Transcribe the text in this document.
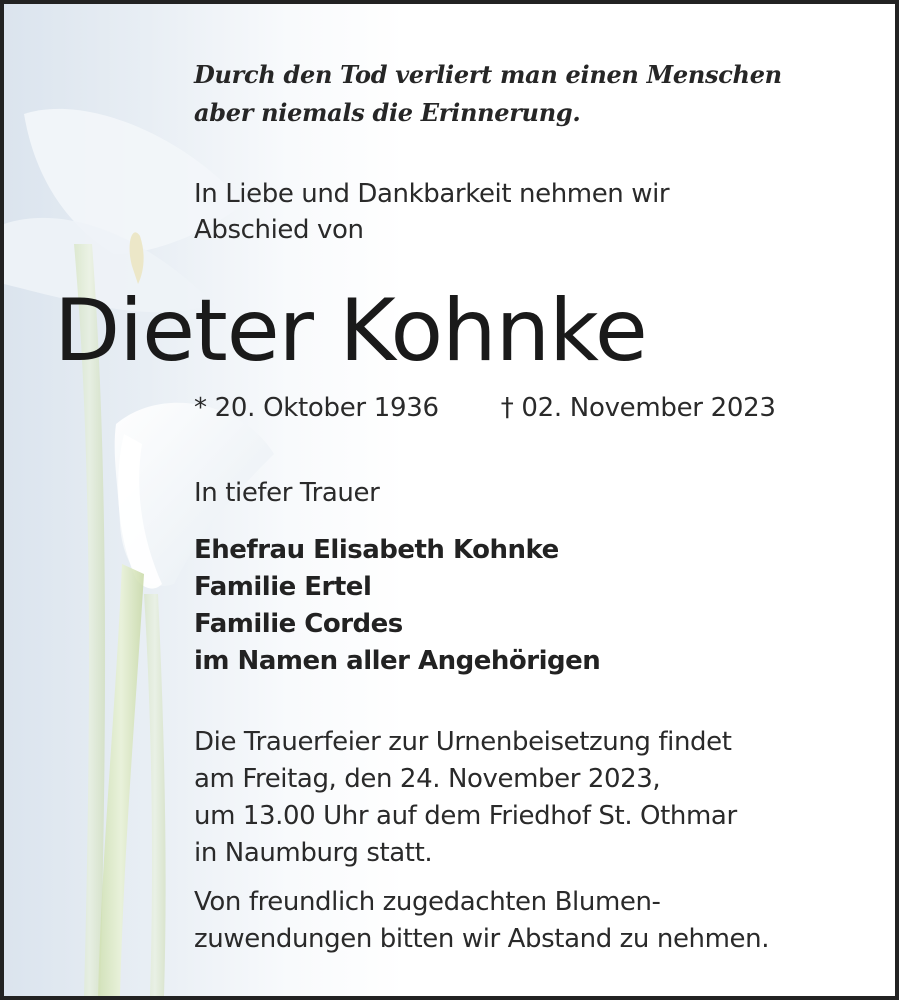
Durch den Tod verliert man einen Menschen
aber niemals die Erinnerung.
In Liebe und Dankbarkeit nehmen wir
Abschied von
Dieter Kohnke
* 20. Oktober 1936 † 02. November 2023
In tiefer Trauer
Ehefrau Elisabeth Kohnke
Familie Ertel
Familie Cordes
im Namen aller Angehörigen
Die Trauerfeier zur Urnenbeisetzung findet
am Freitag, den 24. November 2023,
um 13.00 Uhr auf dem Friedhof St. Othmar
in Naumburg statt.
Von freundlich zugedachten Blumen-
zuwendungen bitten wir Abstand zu nehmen.
